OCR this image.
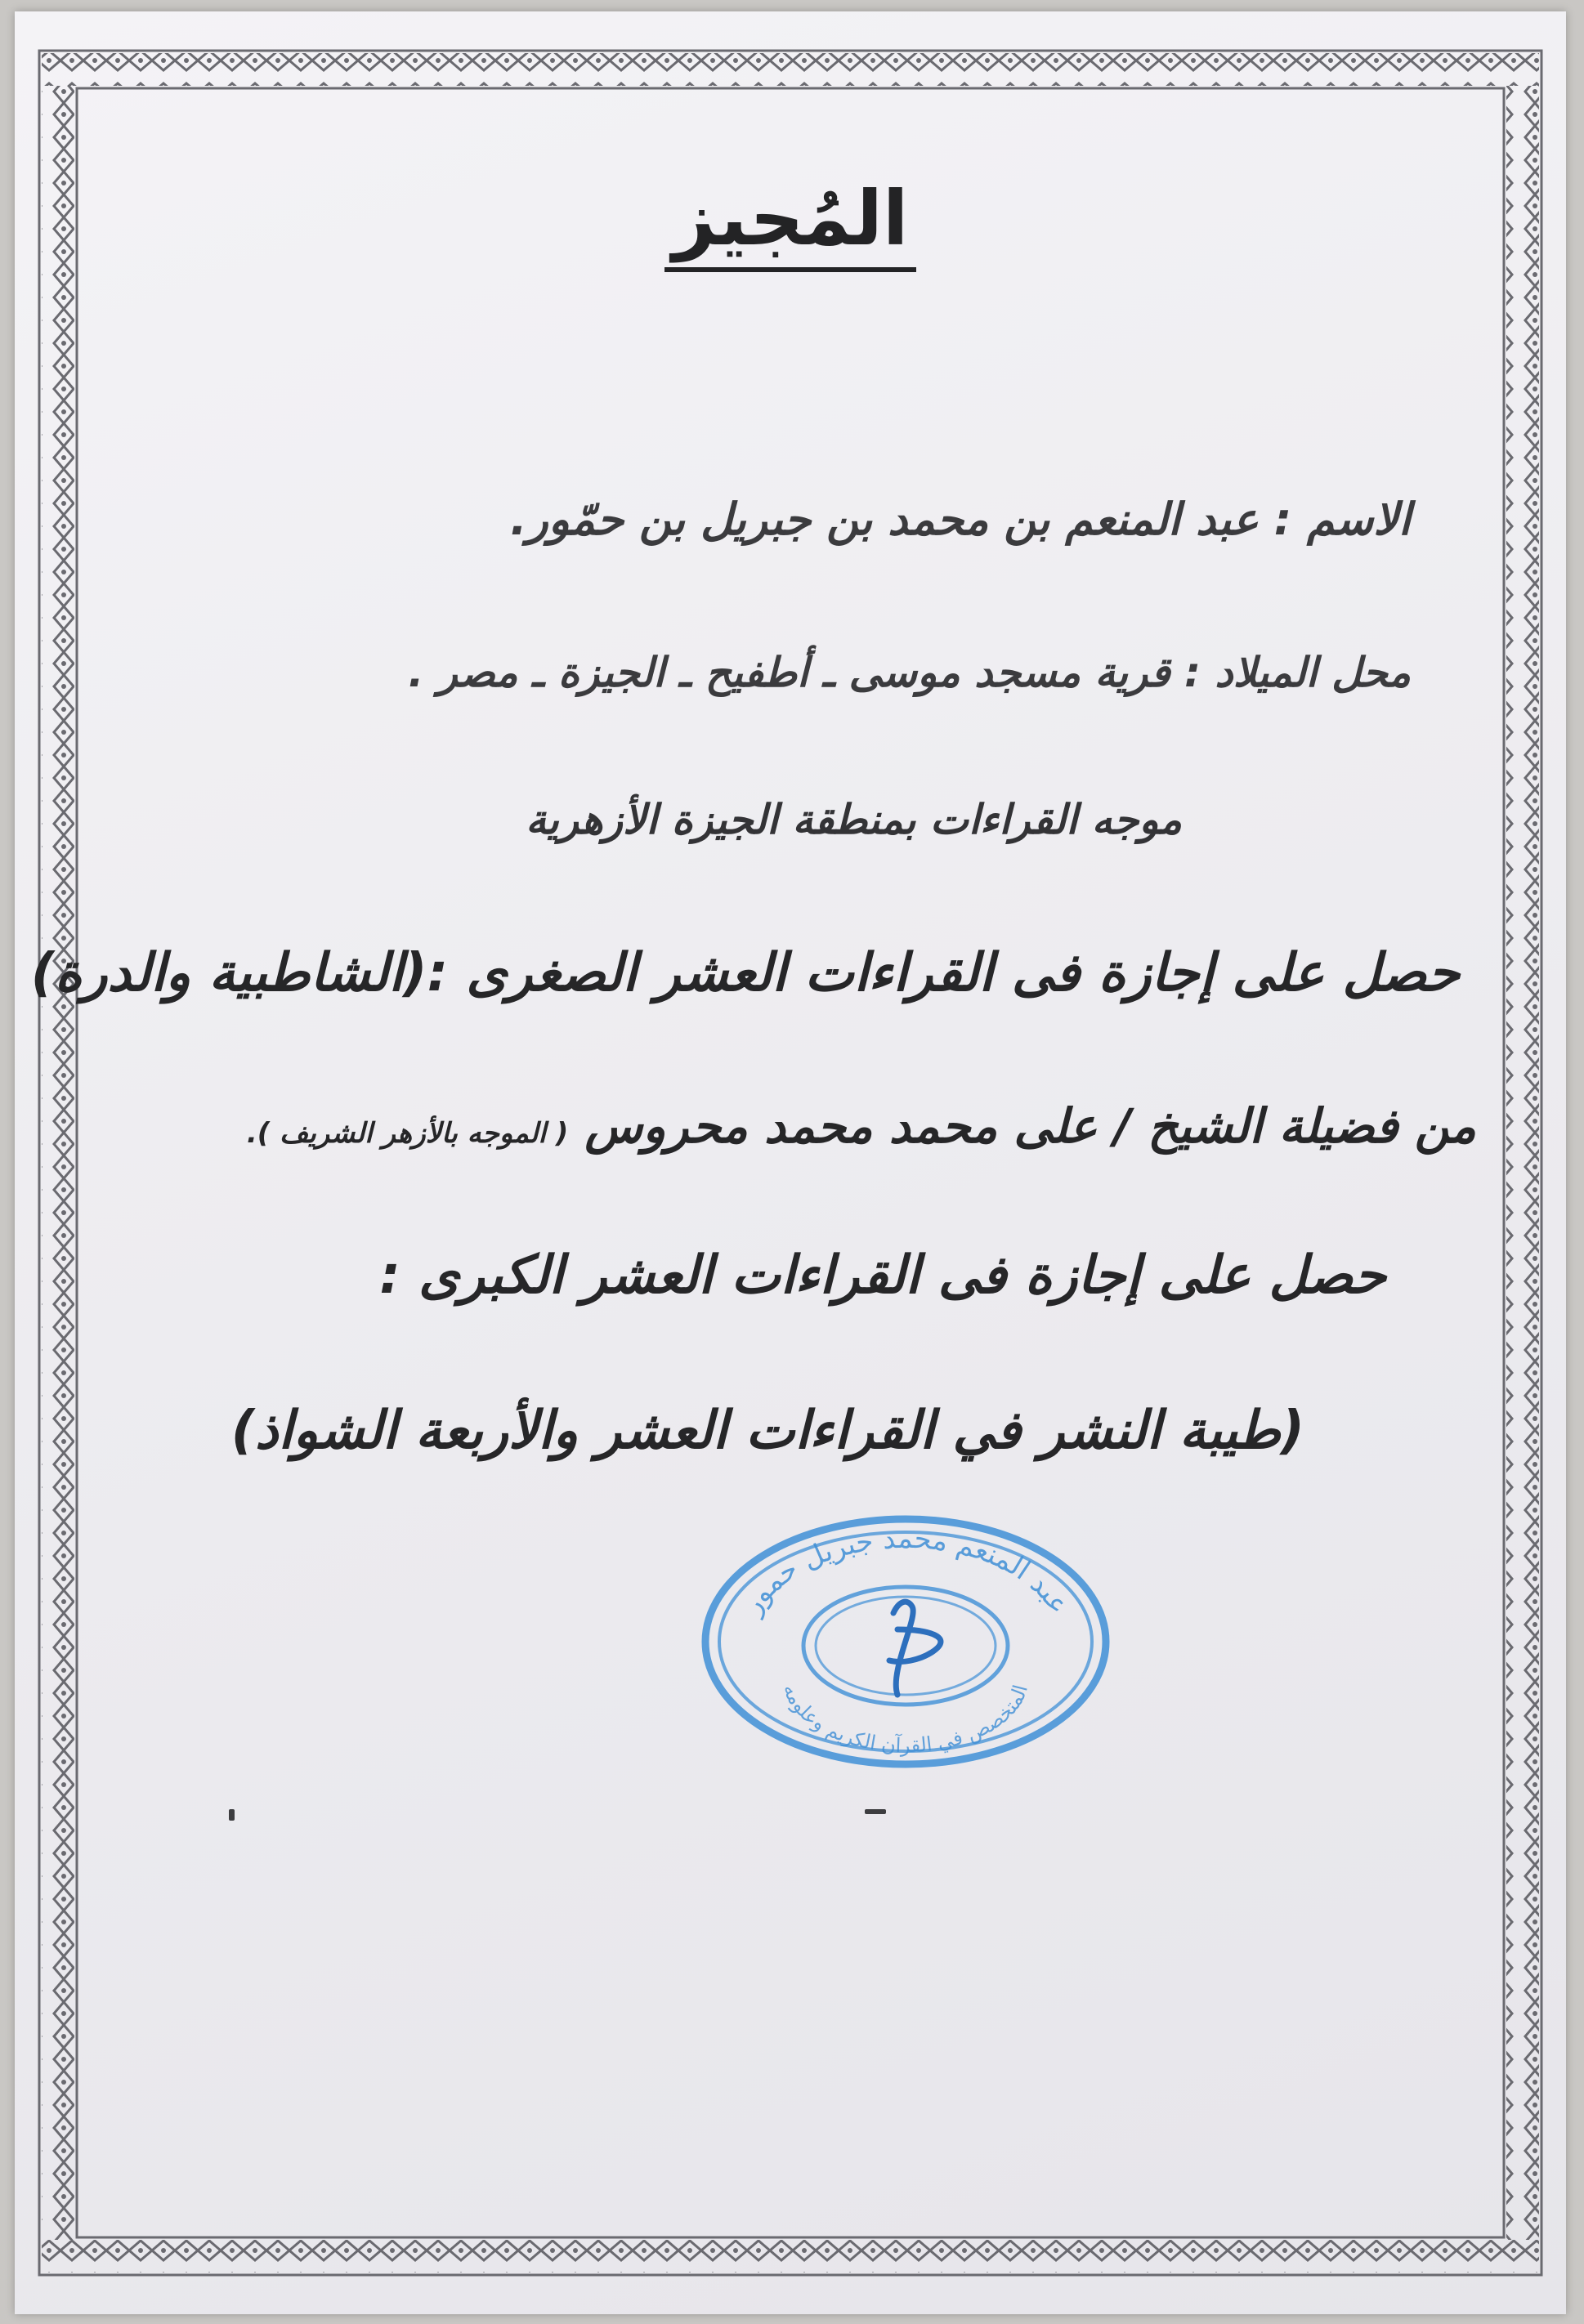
المُجيز
الاسم : عبد المنعم بن محمد بن جبريل بن حمّور.
محل الميلاد : قرية مسجد موسى ـ أطفيح ـ الجيزة ـ مصر .
موجه القراءات بمنطقة الجيزة الأزهرية
حصل على إجازة فى القراءات العشر الصغرى :(الشاطبية والدرة)
من فضيلة الشيخ / على محمد محمد محروس ( الموجه بالأزهر الشريف ).
حصل على إجازة فى القراءات العشر الكبرى :
(طيبة النشر في القراءات العشر والأربعة الشواذ)
عبد المنعم محمد جبريل حمور
المتخصص في القرآن الكريم وعلومه
